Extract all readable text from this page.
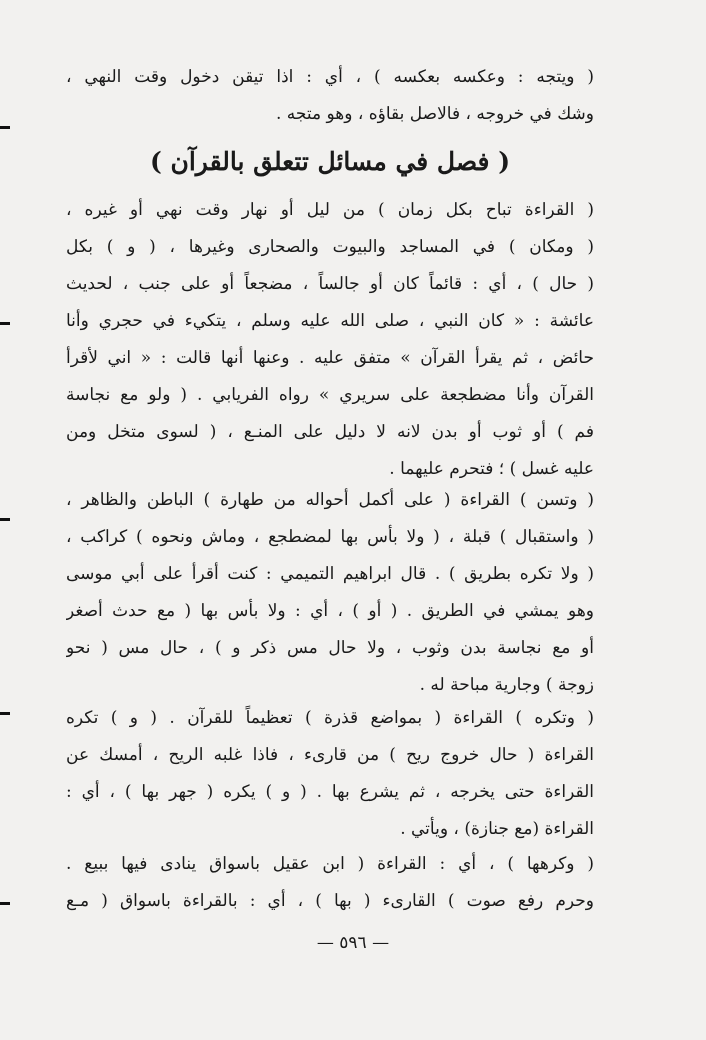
( ويتجه : وعكسه بعكسه ) ، أي : اذا تيقن دخول وقت النهي ،
وشك في خروجه ، فالاصل بقاؤه ، وهو متجه .
( فصل في مسائل تتعلق بالقرآن )
( القراءة تباح بكل زمان ) من ليل أو نهار وقت نهي أو غيره ،
( ومكان ) في المساجد والبيوت والصحارى وغيرها ، ( و ) بكل
( حال ) ، أي : قائماً كان أو جالساً ، مضجعاً أو على جنب ، لحديث
عائشة : « كان النبي ، صلى الله عليه وسلم ، يتكيء في حجري وأنا
حائض ، ثم يقرأ القرآن » متفق عليه . وعنها أنها قالت : « اني لأقرأ
القرآن وأنا مضطجعة على سريري » رواه الفريابي . ( ولو مع نجاسة
فم ) أو ثوب أو بدن لانه لا دليل على المنـع ، ( لسوى متخل ومن
عليه غسل ) ؛ فتحرم عليهما .
( وتسن ) القراءة ( على أكمل أحواله من طهارة ) الباطن والظاهر ،
( واستقبال ) قبلة ، ( ولا بأس بها لمضطجع ، وماش ونحوه ) كراكب ،
( ولا تكره بطريق ) . قال ابراهيم التميمي : كنت أقرأ على أبي موسى
وهو يمشي في الطريق . ( أو ) ، أي : ولا بأس بها ( مع حدث أصغر
أو مع نجاسة بدن وثوب ، ولا حال مس ذكر و ) ، حال مس ( نحو
زوجة ) وجارية مباحة له .
( وتكره ) القراءة ( بمواضع قذرة ) تعظيماً للقرآن . ( و ) تكره
القراءة ( حال خروج ريح ) من قارىء ، فاذا غلبه الريح ، أمسك عن
القراءة حتى يخرجه ، ثم يشرع بها . ( و ) يكره ( جهر بها ) ، أي :
القراءة (مع جنازة) ، ويأتي .
( وكرهها ) ، أي : القراءة ( ابن عقيل باسواق ينادى فيها ببيع .
وحرم رفع صوت ) القارىء ( بها ) ، أي : بالقراءة باسواق ( مـع
— ٥٩٦ —
